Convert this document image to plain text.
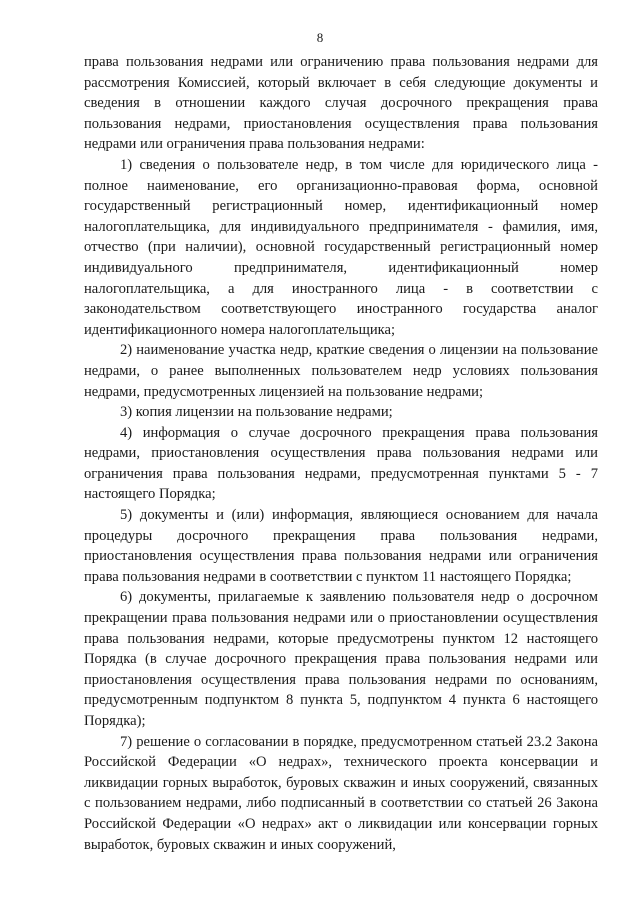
8

права пользования недрами или ограничению права пользования недрами для рассмотрения Комиссией, который включает в себя следующие документы и сведения в отношении каждого случая досрочного прекращения права пользования недрами, приостановления осуществления права пользования недрами или ограничения права пользования недрами:

1) сведения о пользователе недр, в том числе для юридического лица - полное наименование, его организационно-правовая форма, основной государственный регистрационный номер, идентификационный номер налогоплательщика, для индивидуального предпринимателя - фамилия, имя, отчество (при наличии), основной государственный регистрационный номер индивидуального предпринимателя, идентификационный номер налогоплательщика, а для иностранного лица - в соответствии с законодательством соответствующего иностранного государства аналог идентификационного номера налогоплательщика;

2) наименование участка недр, краткие сведения о лицензии на пользование недрами, о ранее выполненных пользователем недр условиях пользования недрами, предусмотренных лицензией на пользование недрами;

3) копия лицензии на пользование недрами;

4) информация о случае досрочного прекращения права пользования недрами, приостановления осуществления права пользования недрами или ограничения права пользования недрами, предусмотренная пунктами 5 - 7 настоящего Порядка;

5) документы и (или) информация, являющиеся основанием для начала процедуры досрочного прекращения права пользования недрами, приостановления осуществления права пользования недрами или ограничения права пользования недрами в соответствии с пунктом 11 настоящего Порядка;

6) документы, прилагаемые к заявлению пользователя недр о досрочном прекращении права пользования недрами или о приостановлении осуществления права пользования недрами, которые предусмотрены пунктом 12 настоящего Порядка (в случае досрочного прекращения права пользования недрами или приостановления осуществления права пользования недрами по основаниям, предусмотренным подпунктом 8 пункта 5, подпунктом 4 пункта 6 настоящего Порядка);

7) решение о согласовании в порядке, предусмотренном статьей 23.2 Закона Российской Федерации «О недрах», технического проекта консервации и ликвидации горных выработок, буровых скважин и иных сооружений, связанных с пользованием недрами, либо подписанный в соответствии со статьей 26 Закона Российской Федерации «О недрах» акт о ликвидации или консервации горных выработок, буровых скважин и иных сооружений,
